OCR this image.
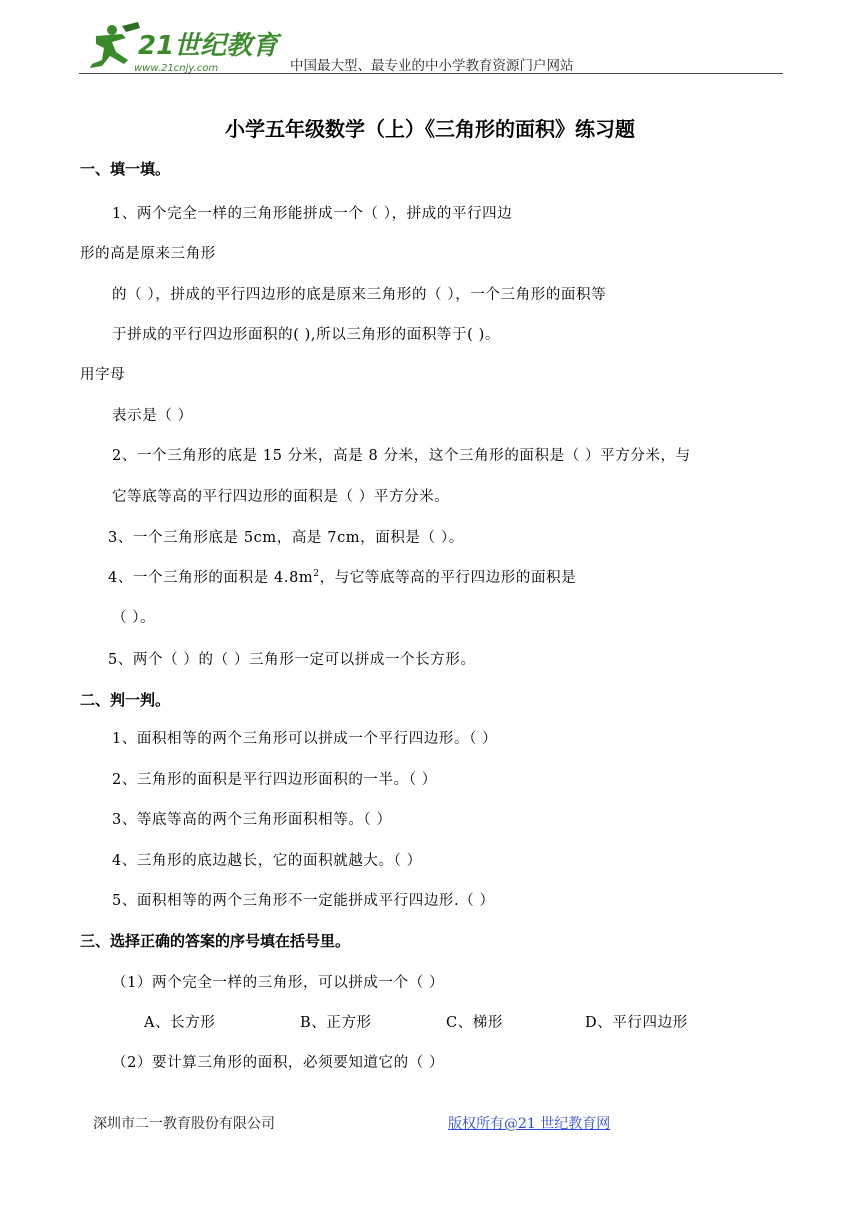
21世纪教育
www.21cnjy.com	中国最大型、最专业的中小学教育资源门户网站
小学五年级数学（上）《三角形的面积》练习题
一、填一填。
1、两个完全一样的三角形能拼成一个（ ），拼成的平行四边
形的高是原来三角形
的（ ），拼成的平行四边形的底是原来三角形的（ ），一个三角形的面积等
于拼成的平行四边形面积的( ),所以三角形的面积等于( )。
用字母
表示是（ ）
2、一个三角形的底是 15 分米，高是 8 分米，这个三角形的面积是（ ）平方分米，与
它等底等高的平行四边形的面积是（ ）平方分米。
3、一个三角形底是 5cm，高是 7cm，面积是（ ）。
4、一个三角形的面积是 $4.8m^2$，与它等底等高的平行四边形的面积是
（ ）。
5、两个（ ）的（ ）三角形一定可以拼成一个长方形。
二、判一判。
1、面积相等的两个三角形可以拼成一个平行四边形。（ ）
2、三角形的面积是平行四边形面积的一半。（ ）
3、等底等高的两个三角形面积相等。（ ）
4、三角形的底边越长，它的面积就越大。（ ）
5、面积相等的两个三角形不一定能拼成平行四边形.（ ）
三、选择正确的答案的序号填在括号里。
（1）两个完全一样的三角形，可以拼成一个（ ）
A、长方形	B、正方形	C、梯形	D、平行四边形
（2）要计算三角形的面积，必须要知道它的（ ）
深圳市二一教育股份有限公司	版权所有@21 世纪教育网
